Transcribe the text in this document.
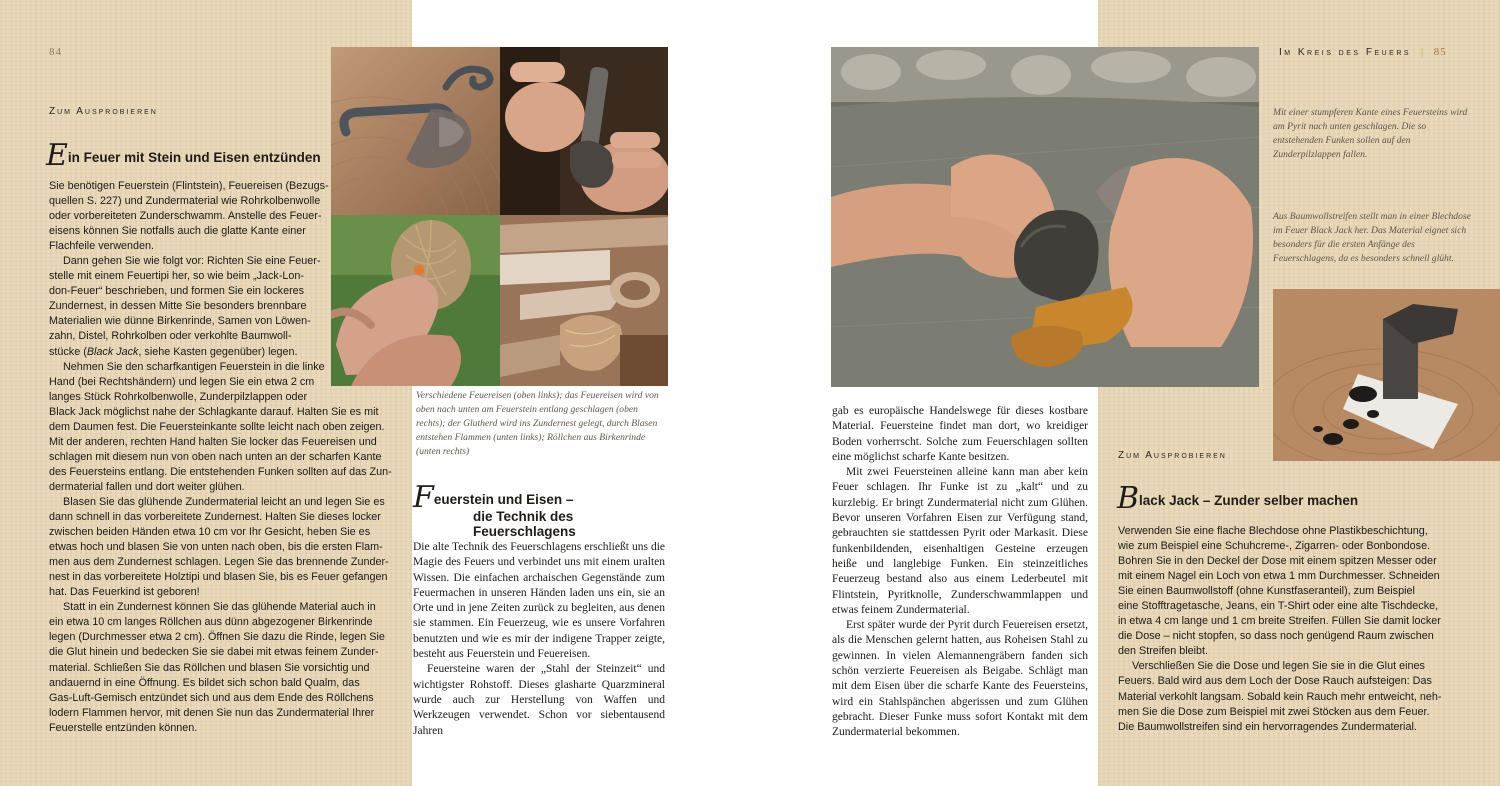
84
Zum Ausprobieren
Ein Feuer mit Stein und Eisen entzünden
Sie benötigen Feuerstein (Flintstein), Feuereisen (Bezugs-
quellen S. 227) und Zundermaterial wie Rohrkolbenwolle
oder vorbereiteten Zunderschwamm. Anstelle des Feuer-
eisens können Sie notfalls auch die glatte Kante einer
Flachfeile verwenden.
Dann gehen Sie wie folgt vor: Richten Sie eine Feuer-
stelle mit einem Feuertipi her, so wie beim „Jack-Lon-
don-Feuer“ beschrieben, und formen Sie ein lockeres
Zundernest, in dessen Mitte Sie besonders brennbare
Materialien wie dünne Birkenrinde, Samen von Löwen-
zahn, Distel, Rohrkolben oder verkohlte Baumwoll-
stücke (Black Jack, siehe Kasten gegenüber) legen.
Nehmen Sie den scharfkantigen Feuerstein in die linke
Hand (bei Rechtshändern) und legen Sie ein etwa 2 cm
langes Stück Rohrkolbenwolle, Zunderpilzlappen oder
Black Jack möglichst nahe der Schlagkante darauf. Halten Sie es mit
dem Daumen fest. Die Feuersteinkante sollte leicht nach oben zeigen.
Mit der anderen, rechten Hand halten Sie locker das Feuereisen und
schlagen mit diesem nun von oben nach unten an der scharfen Kante
des Feuersteins entlang. Die entstehenden Funken sollten auf das Zun-
dermaterial fallen und dort weiter glühen.
Blasen Sie das glühende Zundermaterial leicht an und legen Sie es
dann schnell in das vorbereitete Zundernest. Halten Sie dieses locker
zwischen beiden Händen etwa 10 cm vor Ihr Gesicht, heben Sie es
etwas hoch und blasen Sie von unten nach oben, bis die ersten Flam-
men aus dem Zundernest schlagen. Legen Sie das brennende Zunder-
nest in das vorbereitete Holztipi und blasen Sie, bis es Feuer gefangen
hat. Das Feuerkind ist geboren!
Statt in ein Zundernest können Sie das glühende Material auch in
ein etwa 10 cm langes Röllchen aus dünn abgezogener Birkenrinde
legen (Durchmesser etwa 2 cm). Öffnen Sie dazu die Rinde, legen Sie
die Glut hinein und bedecken Sie sie dabei mit etwas feinem Zunder-
material. Schließen Sie das Röllchen und blasen Sie vorsichtig und
andauernd in eine Öffnung. Es bildet sich schon bald Qualm, das
Gas-Luft-Gemisch entzündet sich und aus dem Ende des Röllchens
lodern Flammen hervor, mit denen Sie nun das Zundermaterial Ihrer
Feuerstelle entzünden können.
Verschiedene Feuereisen (oben links); das Feuereisen wird von oben nach unten am Feuerstein entlang geschlagen (oben rechts); der Glutherd wird ins Zundernest gelegt, durch Blasen entstehen Flammen (unten links); Röllchen aus Birkenrinde (unten rechts)
Feuerstein und Eisen –
die Technik des Feuerschlagens

Die alte Technik des Feuerschlagens erschließt uns die Magie des Feuers und verbindet uns mit einem uralten Wissen. Die einfachen archaischen Gegenstände zum Feuermachen in unseren Händen laden uns ein, sie an Orte und in jene Zeiten zurück zu begleiten, aus denen sie stammen. Ein Feuerzeug, wie es unsere Vorfahren benutzten und wie es mir der indigene Trapper zeigte, besteht aus Feuerstein und Feuereisen.

Feuersteine waren der „Stahl der Steinzeit“ und wichtigster Rohstoff. Dieses glasharte Quarzmineral wurde auch zur Herstellung von Waffen und Werkzeugen verwendet. Schon vor siebentausend Jahren

Im Kreis des Feuers | 85
Mit einer stumpferen Kante eines Feuersteins wird am Pyrit nach unten geschlagen. Die so entstehenden Funken sollen auf den Zunderpilzlappen fallen.
Aus Baumwollstreifen stellt man in einer Blechdose im Feuer Black Jack her. Das Material eignet sich besonders für die ersten Anfänge des Feuerschlagens, da es besonders schnell glüht.

gab es europäische Handelswege für dieses kostbare Material. Feuersteine findet man dort, wo kreidiger Boden vorherrscht. Solche zum Feuerschlagen sollten eine möglichst scharfe Kante besitzen.

Mit zwei Feuersteinen alleine kann man aber kein Feuer schlagen. Ihr Funke ist zu „kalt“ und zu kurzlebig. Er bringt Zundermaterial nicht zum Glühen. Bevor unseren Vorfahren Eisen zur Verfügung stand, gebrauchten sie stattdessen Pyrit oder Markasit. Diese funkenbildenden, eisenhaltigen Gesteine erzeugen heiße und langlebige Funken. Ein steinzeitliches Feuerzeug bestand also aus einem Lederbeutel mit Flintstein, Pyritknolle, Zunderschwammlappen und etwas feinem Zundermaterial.

Erst später wurde der Pyrit durch Feuereisen ersetzt, als die Menschen gelernt hatten, aus Roheisen Stahl zu gewinnen. In vielen Alemannengräbern fanden sich schön verzierte Feuereisen als Beigabe. Schlägt man mit dem Eisen über die scharfe Kante des Feuersteins, wird ein Stahlspänchen abgerissen und zum Glühen gebracht. Dieser Funke muss sofort Kontakt mit dem Zundermaterial bekommen.

Zum Ausprobieren
Black Jack – Zunder selber machen
Verwenden Sie eine flache Blechdose ohne Plastikbeschichtung,
wie zum Beispiel eine Schuhcreme-, Zigarren- oder Bonbondose.
Bohren Sie in den Deckel der Dose mit einem spitzen Messer oder
mit einem Nagel ein Loch von etwa 1 mm Durchmesser. Schneiden
Sie einen Baumwollstoff (ohne Kunstfaseranteil), zum Beispiel
eine Stofftragetasche, Jeans, ein T-Shirt oder eine alte Tischdecke,
in etwa 4 cm lange und 1 cm breite Streifen. Füllen Sie damit locker
die Dose – nicht stopfen, so dass noch genügend Raum zwischen
den Streifen bleibt.
Verschließen Sie die Dose und legen Sie sie in die Glut eines
Feuers. Bald wird aus dem Loch der Dose Rauch aufsteigen: Das
Material verkohlt langsam. Sobald kein Rauch mehr entweicht, neh-
men Sie die Dose zum Beispiel mit zwei Stöcken aus dem Feuer.
Die Baumwollstreifen sind ein hervorragendes Zundermaterial.
